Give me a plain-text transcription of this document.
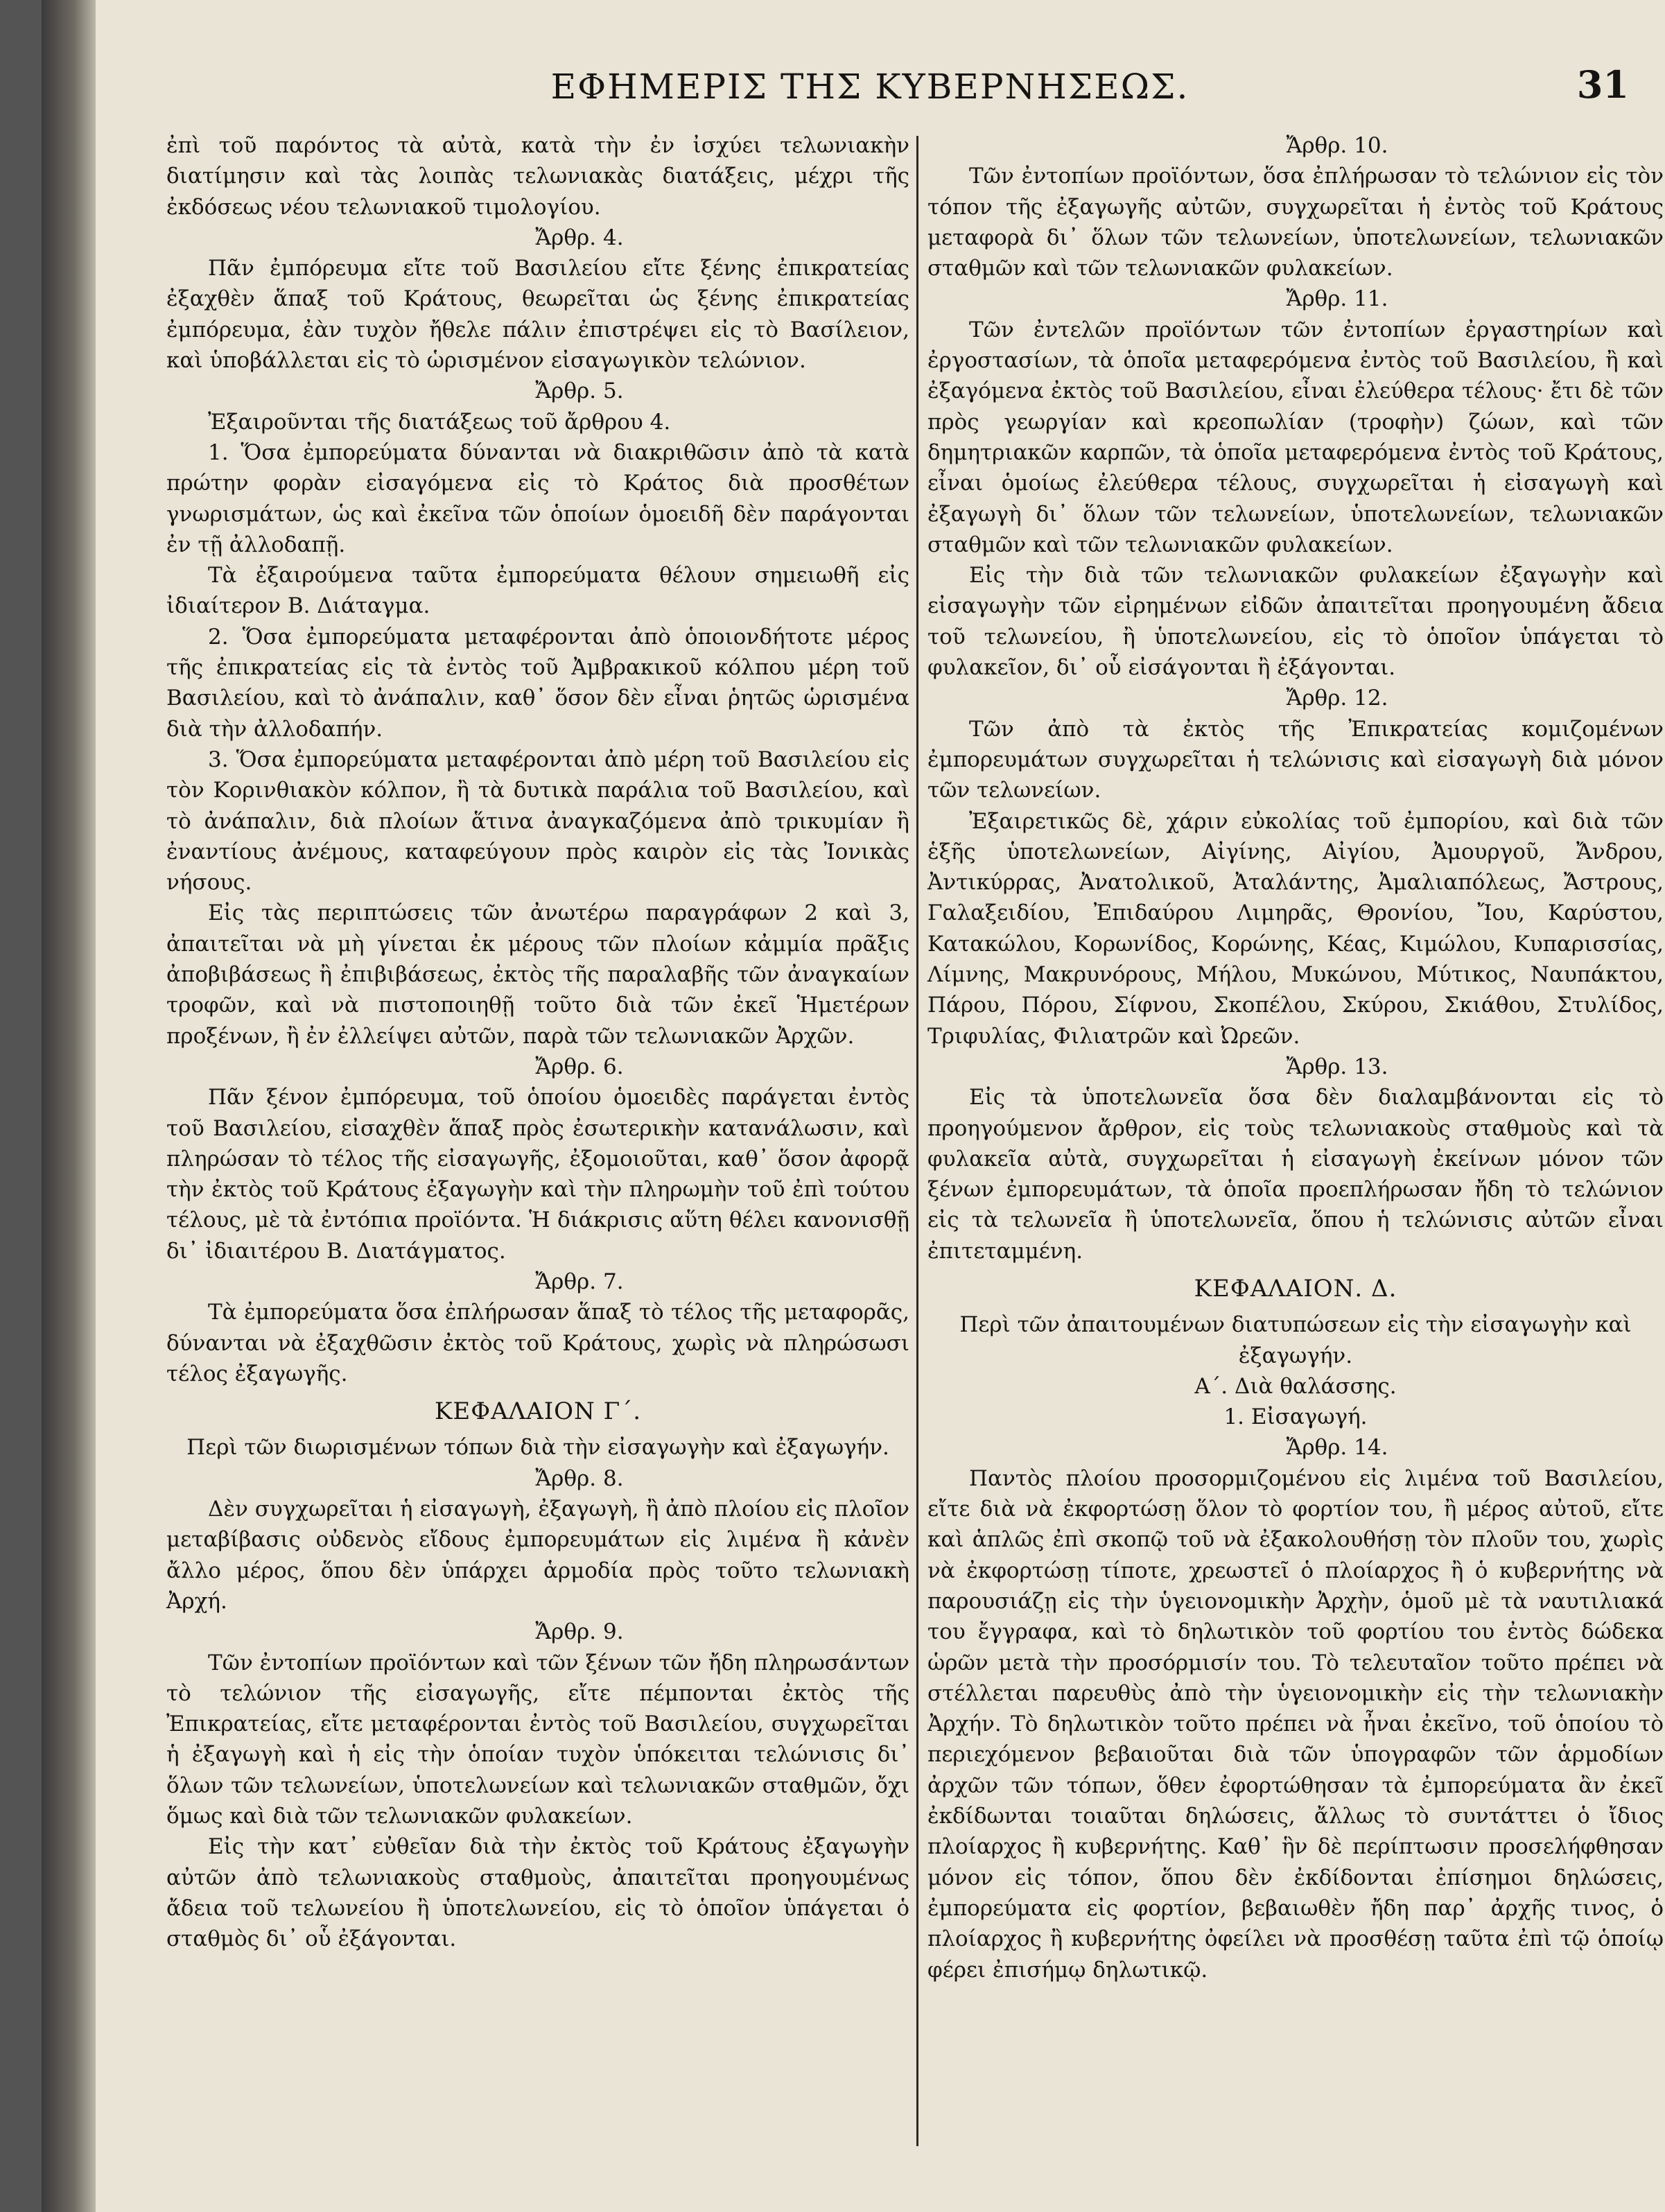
ΕΦΗΜΕΡΙΣ ΤΗΣ ΚΥΒΕΡΝΗΣΕΩΣ.	31

ἐπὶ τοῦ παρόντος τὰ αὐτὰ, κατὰ τὴν ἐν ἰσχύει τελωνιακὴν διατίμησιν καὶ τὰς λοιπὰς τελωνιακὰς διατάξεις, μέχρι τῆς ἐκδόσεως νέου τελωνιακοῦ τιμολογίου.

Ἄρθρ. 4.

Πᾶν ἐμπόρευμα εἴτε τοῦ Βασιλείου εἴτε ξένης ἐπικρατείας ἐξαχθὲν ἅπαξ τοῦ Κράτους, θεωρεῖται ὡς ξένης ἐπικρατείας ἐμπόρευμα, ἐὰν τυχὸν ἤθελε πάλιν ἐπιστρέψει εἰς τὸ Βασίλειον, καὶ ὑποβάλλεται εἰς τὸ ὡρισμένον εἰσαγωγικὸν τελώνιον.

Ἄρθρ. 5.

Ἐξαιροῦνται τῆς διατάξεως τοῦ ἄρθρου 4.

1. Ὅσα ἐμπορεύματα δύνανται νὰ διακριθῶσιν ἀπὸ τὰ κατὰ πρώτην φορὰν εἰσαγόμενα εἰς τὸ Κράτος διὰ προσθέτων γνωρισμάτων, ὡς καὶ ἐκεῖνα τῶν ὁποίων ὁμοειδῆ δὲν παράγονται ἐν τῇ ἀλλοδαπῇ.

Τὰ ἐξαιρούμενα ταῦτα ἐμπορεύματα θέλουν σημειωθῆ εἰς ἰδιαίτερον Β. Διάταγμα.

2. Ὅσα ἐμπορεύματα μεταφέρονται ἀπὸ ὁποιονδήτοτε μέρος τῆς ἐπικρατείας εἰς τὰ ἐντὸς τοῦ Ἀμβρακικοῦ κόλπου μέρη τοῦ Βασιλείου, καὶ τὸ ἀνάπαλιν, καθ᾽ ὅσον δὲν εἶναι ῥητῶς ὡρισμένα διὰ τὴν ἀλλοδαπήν.

3. Ὅσα ἐμπορεύματα μεταφέρονται ἀπὸ μέρη τοῦ Βασιλείου εἰς τὸν Κορινθιακὸν κόλπον, ἢ τὰ δυτικὰ παράλια τοῦ Βασιλείου, καὶ τὸ ἀνάπαλιν, διὰ πλοίων ἅτινα ἀναγκαζόμενα ἀπὸ τρικυμίαν ἢ ἐναντίους ἀνέμους, καταφεύγουν πρὸς καιρὸν εἰς τὰς Ἰονικὰς νήσους.

Εἰς τὰς περιπτώσεις τῶν ἀνωτέρω παραγράφων 2 καὶ 3, ἀπαιτεῖται νὰ μὴ γίνεται ἐκ μέρους τῶν πλοίων κἀμμία πρᾶξις ἀποβιβάσεως ἢ ἐπιβιβάσεως, ἐκτὸς τῆς παραλαβῆς τῶν ἀναγκαίων τροφῶν, καὶ νὰ πιστοποιηθῇ τοῦτο διὰ τῶν ἐκεῖ Ἡμετέρων προξένων, ἢ ἐν ἐλλείψει αὐτῶν, παρὰ τῶν τελωνιακῶν Ἀρχῶν.

Ἄρθρ. 6.

Πᾶν ξένον ἐμπόρευμα, τοῦ ὁποίου ὁμοειδὲς παράγεται ἐντὸς τοῦ Βασιλείου, εἰσαχθὲν ἅπαξ πρὸς ἐσωτερικὴν κατανάλωσιν, καὶ πληρώσαν τὸ τέλος τῆς εἰσαγωγῆς, ἐξομοιοῦται, καθ᾽ ὅσον ἀφορᾷ τὴν ἐκτὸς τοῦ Κράτους ἐξαγωγὴν καὶ τὴν πληρωμὴν τοῦ ἐπὶ τούτου τέλους, μὲ τὰ ἐντόπια προϊόντα. Ἡ διάκρισις αὕτη θέλει κανονισθῇ δι᾽ ἰδιαιτέρου Β. Διατάγματος.

Ἄρθρ. 7.

Τὰ ἐμπορεύματα ὅσα ἐπλήρωσαν ἅπαξ τὸ τέλος τῆς μεταφορᾶς, δύνανται νὰ ἐξαχθῶσιν ἐκτὸς τοῦ Κράτους, χωρὶς νὰ πληρώσωσι τέλος ἐξαγωγῆς.

ΚΕΦΑΛΑΙΟΝ Γ΄.
Περὶ τῶν διωρισμένων τόπων διὰ τὴν εἰσαγωγὴν καὶ ἐξαγωγήν.
Ἄρθρ. 8.

Δὲν συγχωρεῖται ἡ εἰσαγωγὴ, ἐξαγωγὴ, ἢ ἀπὸ πλοίου εἰς πλοῖον μεταβίβασις οὐδενὸς εἴδους ἐμπορευμάτων εἰς λιμένα ἢ κἀνὲν ἄλλο μέρος, ὅπου δὲν ὑπάρχει ἁρμοδία πρὸς τοῦτο τελωνιακὴ Ἀρχή.

Ἄρθρ. 9.

Τῶν ἐντοπίων προϊόντων καὶ τῶν ξένων τῶν ἤδη πληρωσάντων τὸ τελώνιον τῆς εἰσαγωγῆς, εἴτε πέμπονται ἐκτὸς τῆς Ἐπικρατείας, εἴτε μεταφέρονται ἐντὸς τοῦ Βασιλείου, συγχωρεῖται ἡ ἐξαγωγὴ καὶ ἡ εἰς τὴν ὁποίαν τυχὸν ὑπόκειται τελώνισις δι᾽ ὅλων τῶν τελωνείων, ὑποτελωνείων καὶ τελωνιακῶν σταθμῶν, ὄχι ὅμως καὶ διὰ τῶν τελωνιακῶν φυλακείων.

Εἰς τὴν κατ᾽ εὐθεῖαν διὰ τὴν ἐκτὸς τοῦ Κράτους ἐξαγωγὴν αὐτῶν ἀπὸ τελωνιακοὺς σταθμοὺς, ἀπαιτεῖται προηγουμένως ἄδεια τοῦ τελωνείου ἢ ὑποτελωνείου, εἰς τὸ ὁποῖον ὑπάγεται ὁ σταθμὸς δι᾽ οὗ ἐξάγονται.

Ἄρθρ. 10.

Τῶν ἐντοπίων προϊόντων, ὅσα ἐπλήρωσαν τὸ τελώνιον εἰς τὸν τόπον τῆς ἐξαγωγῆς αὐτῶν, συγχωρεῖται ἡ ἐντὸς τοῦ Κράτους μεταφορὰ δι᾽ ὅλων τῶν τελωνείων, ὑποτελωνείων, τελωνιακῶν σταθμῶν καὶ τῶν τελωνιακῶν φυλακείων.

Ἄρθρ. 11.

Τῶν ἐντελῶν προϊόντων τῶν ἐντοπίων ἐργαστηρίων καὶ ἐργοστασίων, τὰ ὁποῖα μεταφερόμενα ἐντὸς τοῦ Βασιλείου, ἢ καὶ ἐξαγόμενα ἐκτὸς τοῦ Βασιλείου, εἶναι ἐλεύθερα τέλους· ἔτι δὲ τῶν πρὸς γεωργίαν καὶ κρεοπωλίαν (τροφὴν) ζώων, καὶ τῶν δημητριακῶν καρπῶν, τὰ ὁποῖα μεταφερόμενα ἐντὸς τοῦ Κράτους, εἶναι ὁμοίως ἐλεύθερα τέλους, συγχωρεῖται ἡ εἰσαγωγὴ καὶ ἐξαγωγὴ δι᾽ ὅλων τῶν τελωνείων, ὑποτελωνείων, τελωνιακῶν σταθμῶν καὶ τῶν τελωνιακῶν φυλακείων.

Εἰς τὴν διὰ τῶν τελωνιακῶν φυλακείων ἐξαγωγὴν καὶ εἰσαγωγὴν τῶν εἰρημένων εἰδῶν ἀπαιτεῖται προηγουμένη ἄδεια τοῦ τελωνείου, ἢ ὑποτελωνείου, εἰς τὸ ὁποῖον ὑπάγεται τὸ φυλακεῖον, δι᾽ οὗ εἰσάγονται ἢ ἐξάγονται.

Ἄρθρ. 12.

Τῶν ἀπὸ τὰ ἐκτὸς τῆς Ἐπικρατείας κομιζομένων ἐμπορευμάτων συγχωρεῖται ἡ τελώνισις καὶ εἰσαγωγὴ διὰ μόνον τῶν τελωνείων.

Ἐξαιρετικῶς δὲ, χάριν εὐκολίας τοῦ ἐμπορίου, καὶ διὰ τῶν ἑξῆς ὑποτελωνείων, Αἰγίνης, Αἰγίου, Ἀμουργοῦ, Ἄνδρου, Ἀντικύρρας, Ἀνατολικοῦ, Ἀταλάντης, Ἀμαλιαπόλεως, Ἄστρους, Γαλαξειδίου, Ἐπιδαύρου Λιμηρᾶς, Θρονίου, Ἴου, Καρύστου, Κατακώλου, Κορωνίδος, Κορώνης, Κέας, Κιμώλου, Κυπαρισσίας, Λίμνης, Μακρυνόρους, Μήλου, Μυκώνου, Μύτικος, Ναυπάκτου, Πάρου, Πόρου, Σίφνου, Σκοπέλου, Σκύρου, Σκιάθου, Στυλίδος, Τριφυλίας, Φιλιατρῶν καὶ Ὠρεῶν.

Ἄρθρ. 13.

Εἰς τὰ ὑποτελωνεῖα ὅσα δὲν διαλαμβάνονται εἰς τὸ προηγούμενον ἄρθρον, εἰς τοὺς τελωνιακοὺς σταθμοὺς καὶ τὰ φυλακεῖα αὐτὰ, συγχωρεῖται ἡ εἰσαγωγὴ ἐκείνων μόνον τῶν ξένων ἐμπορευμάτων, τὰ ὁποῖα προεπλήρωσαν ἤδη τὸ τελώνιον εἰς τὰ τελωνεῖα ἢ ὑποτελωνεῖα, ὅπου ἡ τελώνισις αὐτῶν εἶναι ἐπιτεταμμένη.

ΚΕΦΑΛΑΙΟΝ. Δ.
Περὶ τῶν ἀπαιτουμένων διατυπώσεων εἰς τὴν εἰσαγωγὴν καὶ ἐξαγωγήν.
Α΄. Διὰ θαλάσσης.
1. Εἰσαγωγή.
Ἄρθρ. 14.

Παντὸς πλοίου προσορμιζομένου εἰς λιμένα τοῦ Βασιλείου, εἴτε διὰ νὰ ἐκφορτώσῃ ὅλον τὸ φορτίον του, ἢ μέρος αὐτοῦ, εἴτε καὶ ἁπλῶς ἐπὶ σκοπῷ τοῦ νὰ ἐξακολουθήσῃ τὸν πλοῦν του, χωρὶς νὰ ἐκφορτώσῃ τίποτε, χρεωστεῖ ὁ πλοίαρχος ἢ ὁ κυβερνήτης νὰ παρουσιάζῃ εἰς τὴν ὑγειονομικὴν Ἀρχὴν, ὁμοῦ μὲ τὰ ναυτιλιακά του ἔγγραφα, καὶ τὸ δηλωτικὸν τοῦ φορτίου του ἐντὸς δώδεκα ὡρῶν μετὰ τὴν προσόρμισίν του. Τὸ τελευταῖον τοῦτο πρέπει νὰ στέλλεται παρευθὺς ἀπὸ τὴν ὑγειονομικὴν εἰς τὴν τελωνιακὴν Ἀρχήν. Τὸ δηλωτικὸν τοῦτο πρέπει νὰ ἦναι ἐκεῖνο, τοῦ ὁποίου τὸ περιεχόμενον βεβαιοῦται διὰ τῶν ὑπογραφῶν τῶν ἁρμοδίων ἀρχῶν τῶν τόπων, ὅθεν ἐφορτώθησαν τὰ ἐμπορεύματα ἂν ἐκεῖ ἐκδίδωνται τοιαῦται δηλώσεις, ἄλλως τὸ συντάττει ὁ ἴδιος πλοίαρχος ἢ κυβερνήτης. Καθ᾽ ἣν δὲ περίπτωσιν προσελήφθησαν μόνον εἰς τόπον, ὅπου δὲν ἐκδίδονται ἐπίσημοι δηλώσεις, ἐμπορεύματα εἰς φορτίον, βεβαιωθὲν ἤδη παρ᾽ ἀρχῆς τινος, ὁ πλοίαρχος ἢ κυβερνήτης ὀφείλει νὰ προσθέσῃ ταῦτα ἐπὶ τῷ ὁποίῳ φέρει ἐπισήμῳ δηλωτικῷ.
